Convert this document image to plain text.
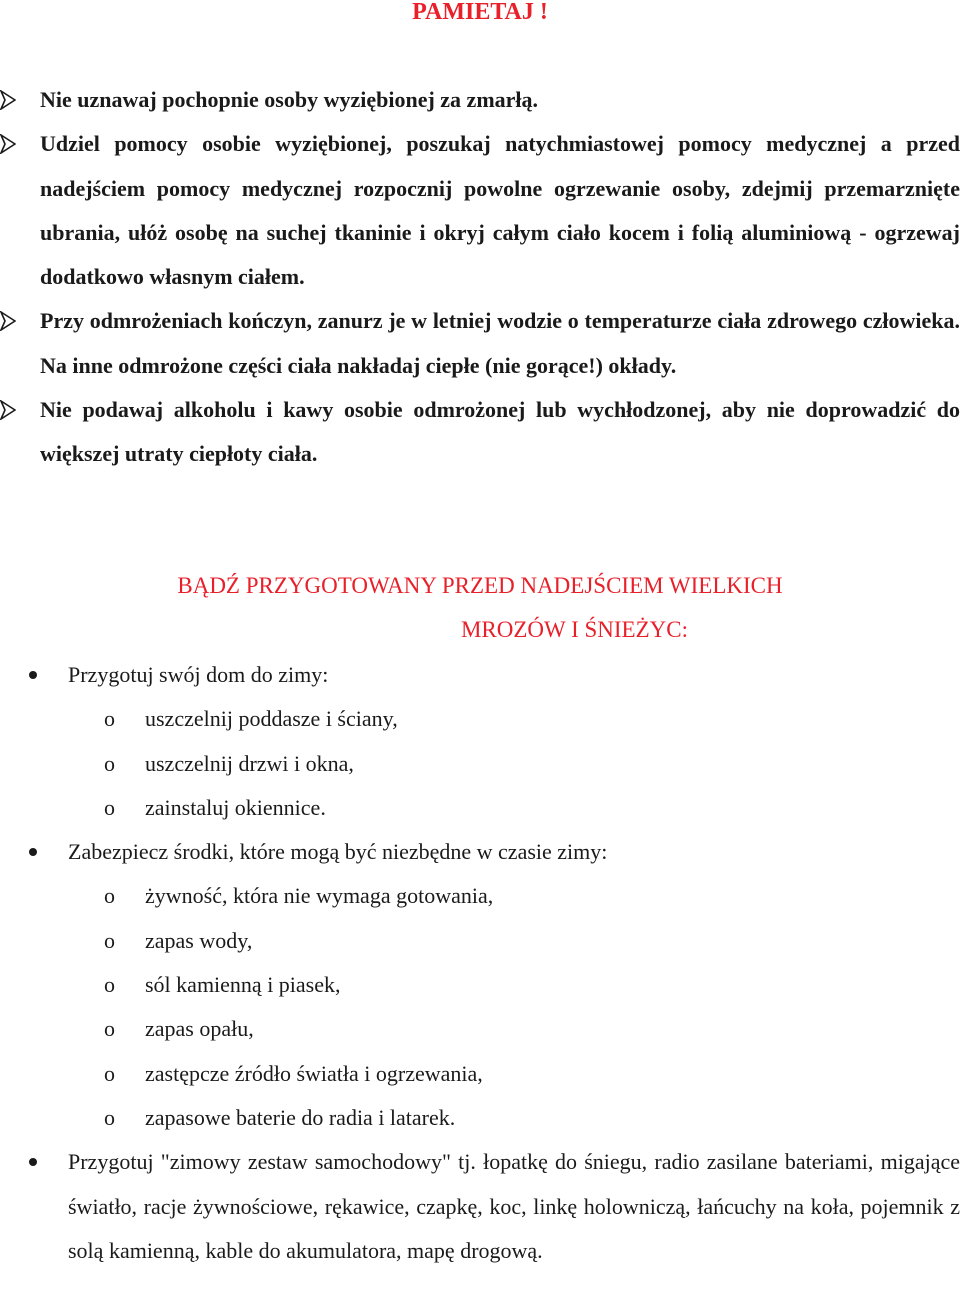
PAMIETAJ !
Nie uznawaj pochopnie osoby wyziębionej za zmarłą.
Udziel pomocy osobie wyziębionej, poszukaj natychmiastowej pomocy medycznej a przed nadejściem pomocy medycznej rozpocznij powolne ogrzewanie osoby, zdejmij przemarznięte ubrania, ułóż osobę na suchej tkaninie i okryj całym ciało kocem i folią aluminiową - ogrzewaj dodatkowo własnym ciałem.
Przy odmrożeniach kończyn, zanurz je w letniej wodzie o temperaturze ciała zdrowego człowieka. Na inne odmrożone części ciała nakładaj ciepłe (nie gorące!) okłady.
Nie podawaj alkoholu i kawy osobie odmrożonej lub wychłodzonej, aby nie doprowadzić do większej utraty ciepłoty ciała.
BĄDŹ PRZYGOTOWANY PRZED NADEJŚCIEM WIELKICH
MROZÓW I ŚNIEŻYC:
Przygotuj swój dom do zimy:
o uszczelnij poddasze i ściany,
o uszczelnij drzwi i okna,
o zainstaluj okiennice.
Zabezpiecz środki, które mogą być niezbędne w czasie zimy:
o żywność, która nie wymaga gotowania,
o zapas wody,
o sól kamienną i piasek,
o zapas opału,
o zastępcze źródło światła i ogrzewania,
o zapasowe baterie do radia i latarek.
Przygotuj "zimowy zestaw samochodowy" tj. łopatkę do śniegu, radio zasilane bateriami, migające światło, racje żywnościowe, rękawice, czapkę, koc, linkę holowniczą, łańcuchy na koła, pojemnik z solą kamienną, kable do akumulatora, mapę drogową.
